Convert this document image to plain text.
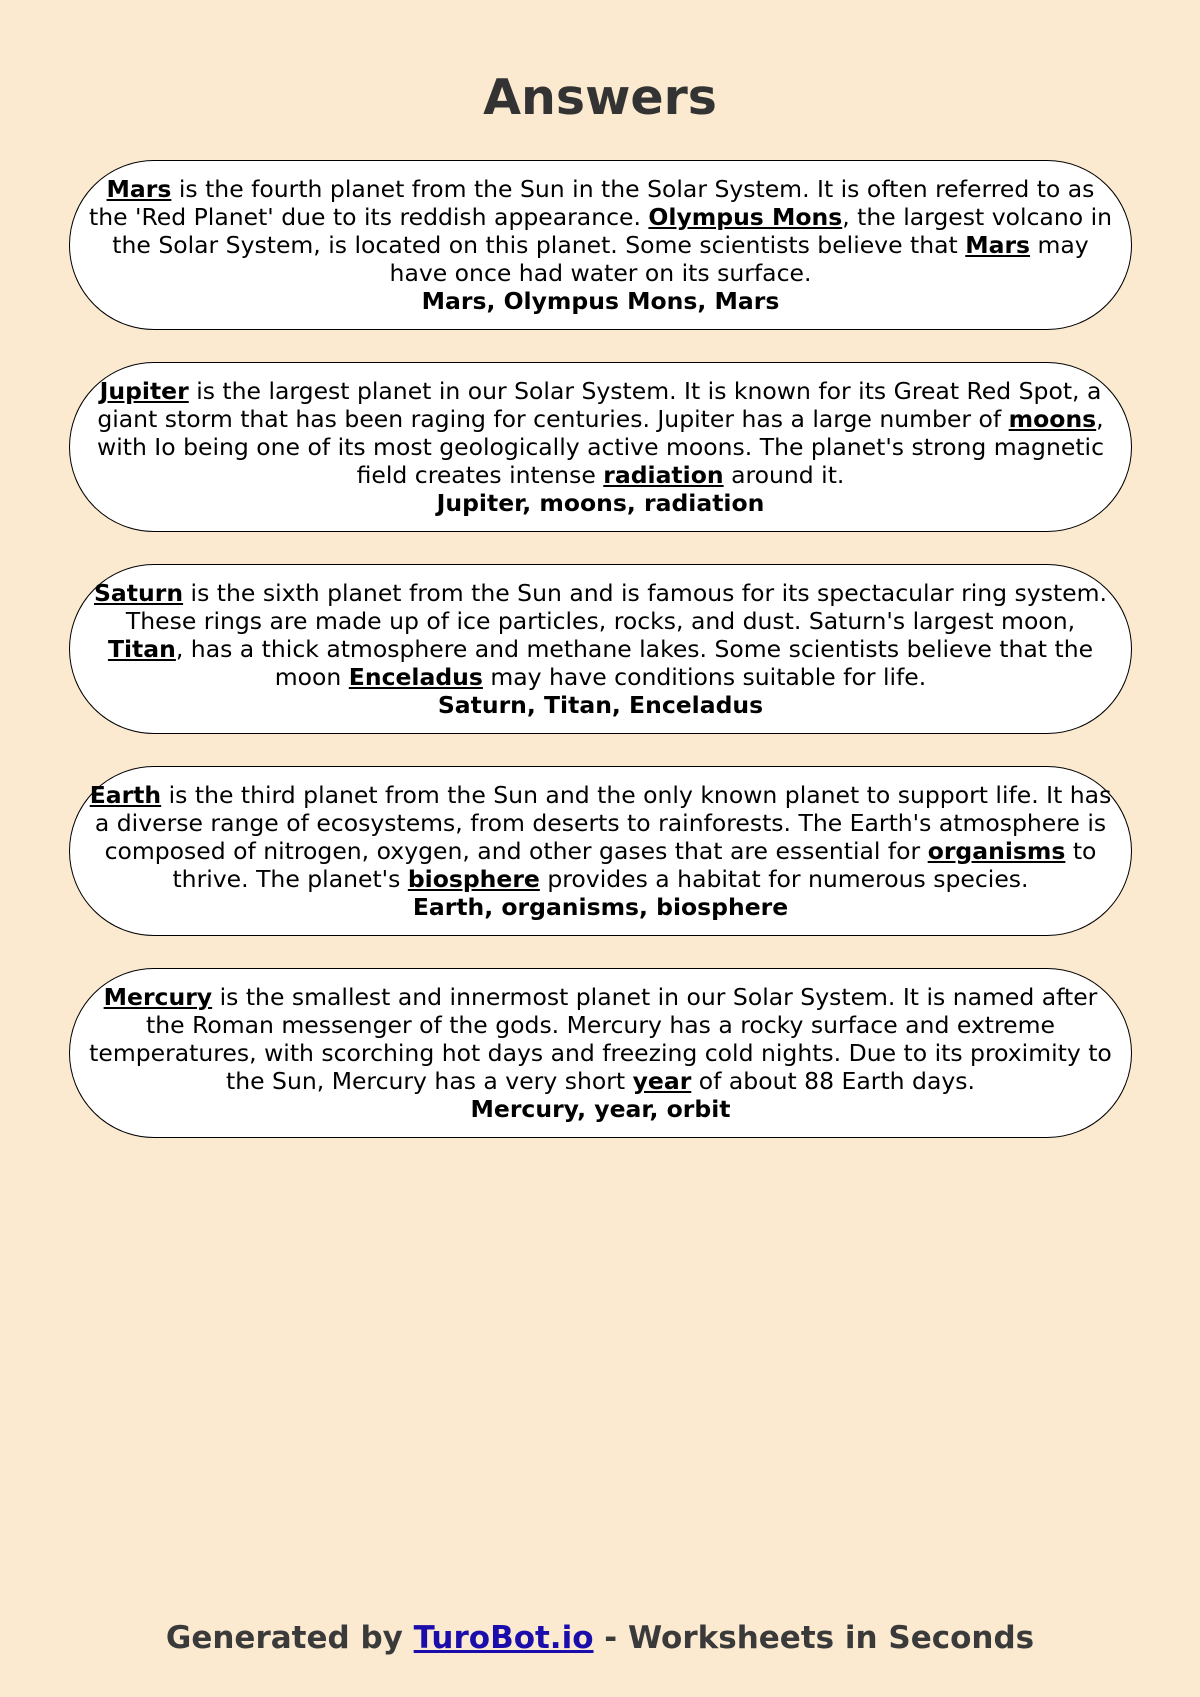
Answers
Mars is the fourth planet from the Sun in the Solar System. It is often referred to as the 'Red Planet' due to its reddish appearance. Olympus Mons, the largest volcano in the Solar System, is located on this planet. Some scientists believe that Mars may have once had water on its surface.
Mars, Olympus Mons, Mars
Jupiter is the largest planet in our Solar System. It is known for its Great Red Spot, a giant storm that has been raging for centuries. Jupiter has a large number of moons, with Io being one of its most geologically active moons. The planet's strong magnetic field creates intense radiation around it.
Jupiter, moons, radiation
Saturn is the sixth planet from the Sun and is famous for its spectacular ring system. These rings are made up of ice particles, rocks, and dust. Saturn's largest moon, Titan, has a thick atmosphere and methane lakes. Some scientists believe that the moon Enceladus may have conditions suitable for life.
Saturn, Titan, Enceladus
Earth is the third planet from the Sun and the only known planet to support life. It has a diverse range of ecosystems, from deserts to rainforests. The Earth's atmosphere is composed of nitrogen, oxygen, and other gases that are essential for organisms to thrive. The planet's biosphere provides a habitat for numerous species.
Earth, organisms, biosphere
Mercury is the smallest and innermost planet in our Solar System. It is named after the Roman messenger of the gods. Mercury has a rocky surface and extreme temperatures, with scorching hot days and freezing cold nights. Due to its proximity to the Sun, Mercury has a very short year of about 88 Earth days.
Mercury, year, orbit
Generated by TuroBot.io - Worksheets in Seconds
